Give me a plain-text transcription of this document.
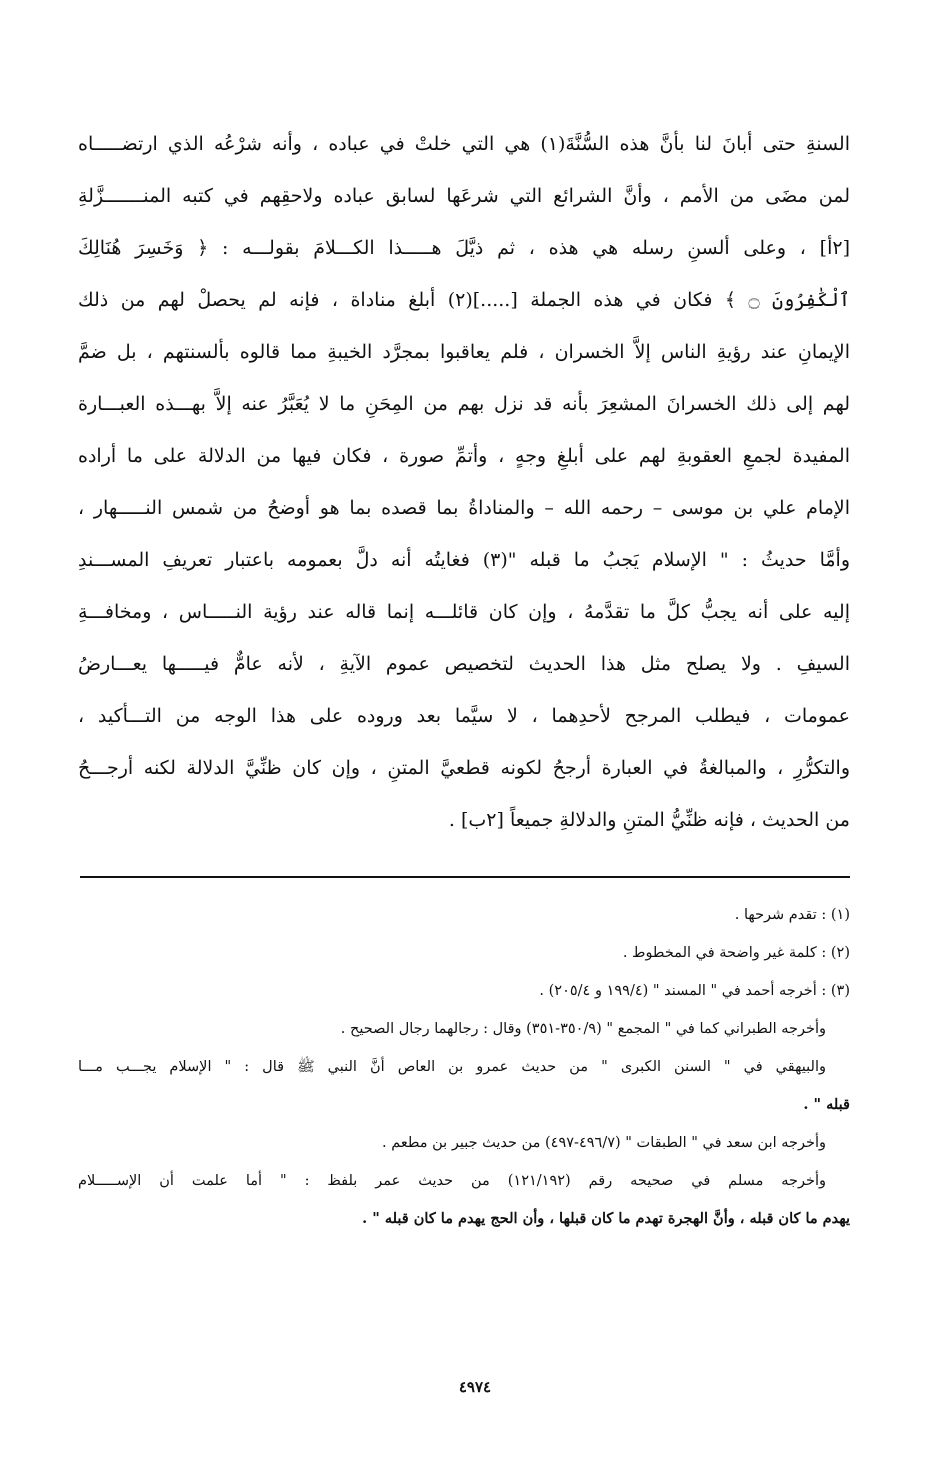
السنةِ حتى أبانَ لنا بأنَّ هذه السُّنَّةَ(١) هي التي خلتْ في عباده ، وأنه شرْعُه الذي ارتضـــــاه
لمن مضَى من الأمم ، وأنَّ الشرائع التي شرعَها لسابق عباده ولاحقِهم في كتبه المنـــــــزَّلةِ
[٢أ] ، وعلى ألسنِ رسله هي هذه ، ثم ذيَّلَ هـــــذا الكـــلامَ بقولـــه : ﴿ وَخَسِرَ هُنَالِكَ
ٱلْكَٰفِرُونَ ۝ ﴾ فكان في هذه الجملة [.....](٢) أبلغ مناداة ، فإنه لم يحصلْ لهم من ذلك
الإيمانِ عند رؤيةِ الناس إلاَّ الخسران ، فلم يعاقبوا بمجرَّد الخيبةِ مما قالوه بألسنتهم ، بل ضمَّ
لهم إلى ذلك الخسرانَ المشعِرَ بأنه قد نزل بهم من المِحَنِ ما لا يُعَبَّرُ عنه إلاَّ بهـــذه العبـــارة
المفيدة لجمعِ العقوبةِ لهم على أبلغِ وجهٍ ، وأتمِّ صورة ، فكان فيها من الدلالة على ما أراده
الإمام علي بن موسى – رحمه الله – والمناداةُ بما قصده بما هو أوضحُ من شمس النـــــهار ،
وأمَّا حديثُ : " الإسلام يَجبُ ما قبله "(٣) فغايتُه أنه دلَّ بعمومه باعتبار تعريفِ المســـندِ
إليه على أنه يجبُّ كلَّ ما تقدَّمهُ ، وإن كان قائلـــه إنما قاله عند رؤية النـــــاس ، ومخافـــةِ
السيفِ . ولا يصلح مثل هذا الحديث لتخصيص عموم الآيةِ ، لأنه عامٌّ فيـــــها يعـــارضُ
عمومات ، فيطلب المرجح لأحدِهما ، لا سيَّما بعد وروده على هذا الوجه من التـــأكيد ،
والتكرُّرِ ، والمبالغةُ في العبارة أرجحُ لكونه قطعيَّ المتنِ ، وإن كان ظنِّيَّ الدلالة لكنه أرجـــحُ
من الحديث ، فإنه ظنِّيُّ المتنِ والدلالةِ جميعاً [٢ب] .
(١) : تقدم شرحها .
(٢) : كلمة غير واضحة في المخطوط .
(٣) : أخرجه أحمد في " المسند " (١٩٩/٤ و ٢٠٥/٤) .
وأخرجه الطبراني كما في " المجمع " (٣٥٠/٩-٣٥١) وقال : رجالهما رجال الصحيح .
والبيهقي في " السنن الكبرى " من حديث عمرو بن العاص أنَّ النبي ﷺ قال : " الإسلام يجـــب مـــا
قبله " .
وأخرجه ابن سعد في " الطبقات " (٤٩٦/٧-٤٩٧) من حديث جبير بن مطعم .
وأخرجه مسلم في صحيحه رقم (١٢١/١٩٢) من حديث عمر بلفظ : " أما علمت أن الإســـــلام
يهدم ما كان قبله ، وأنَّ الهجرة تهدم ما كان قبلها ، وأن الحج يهدم ما كان قبله " .
٤٩٧٤
